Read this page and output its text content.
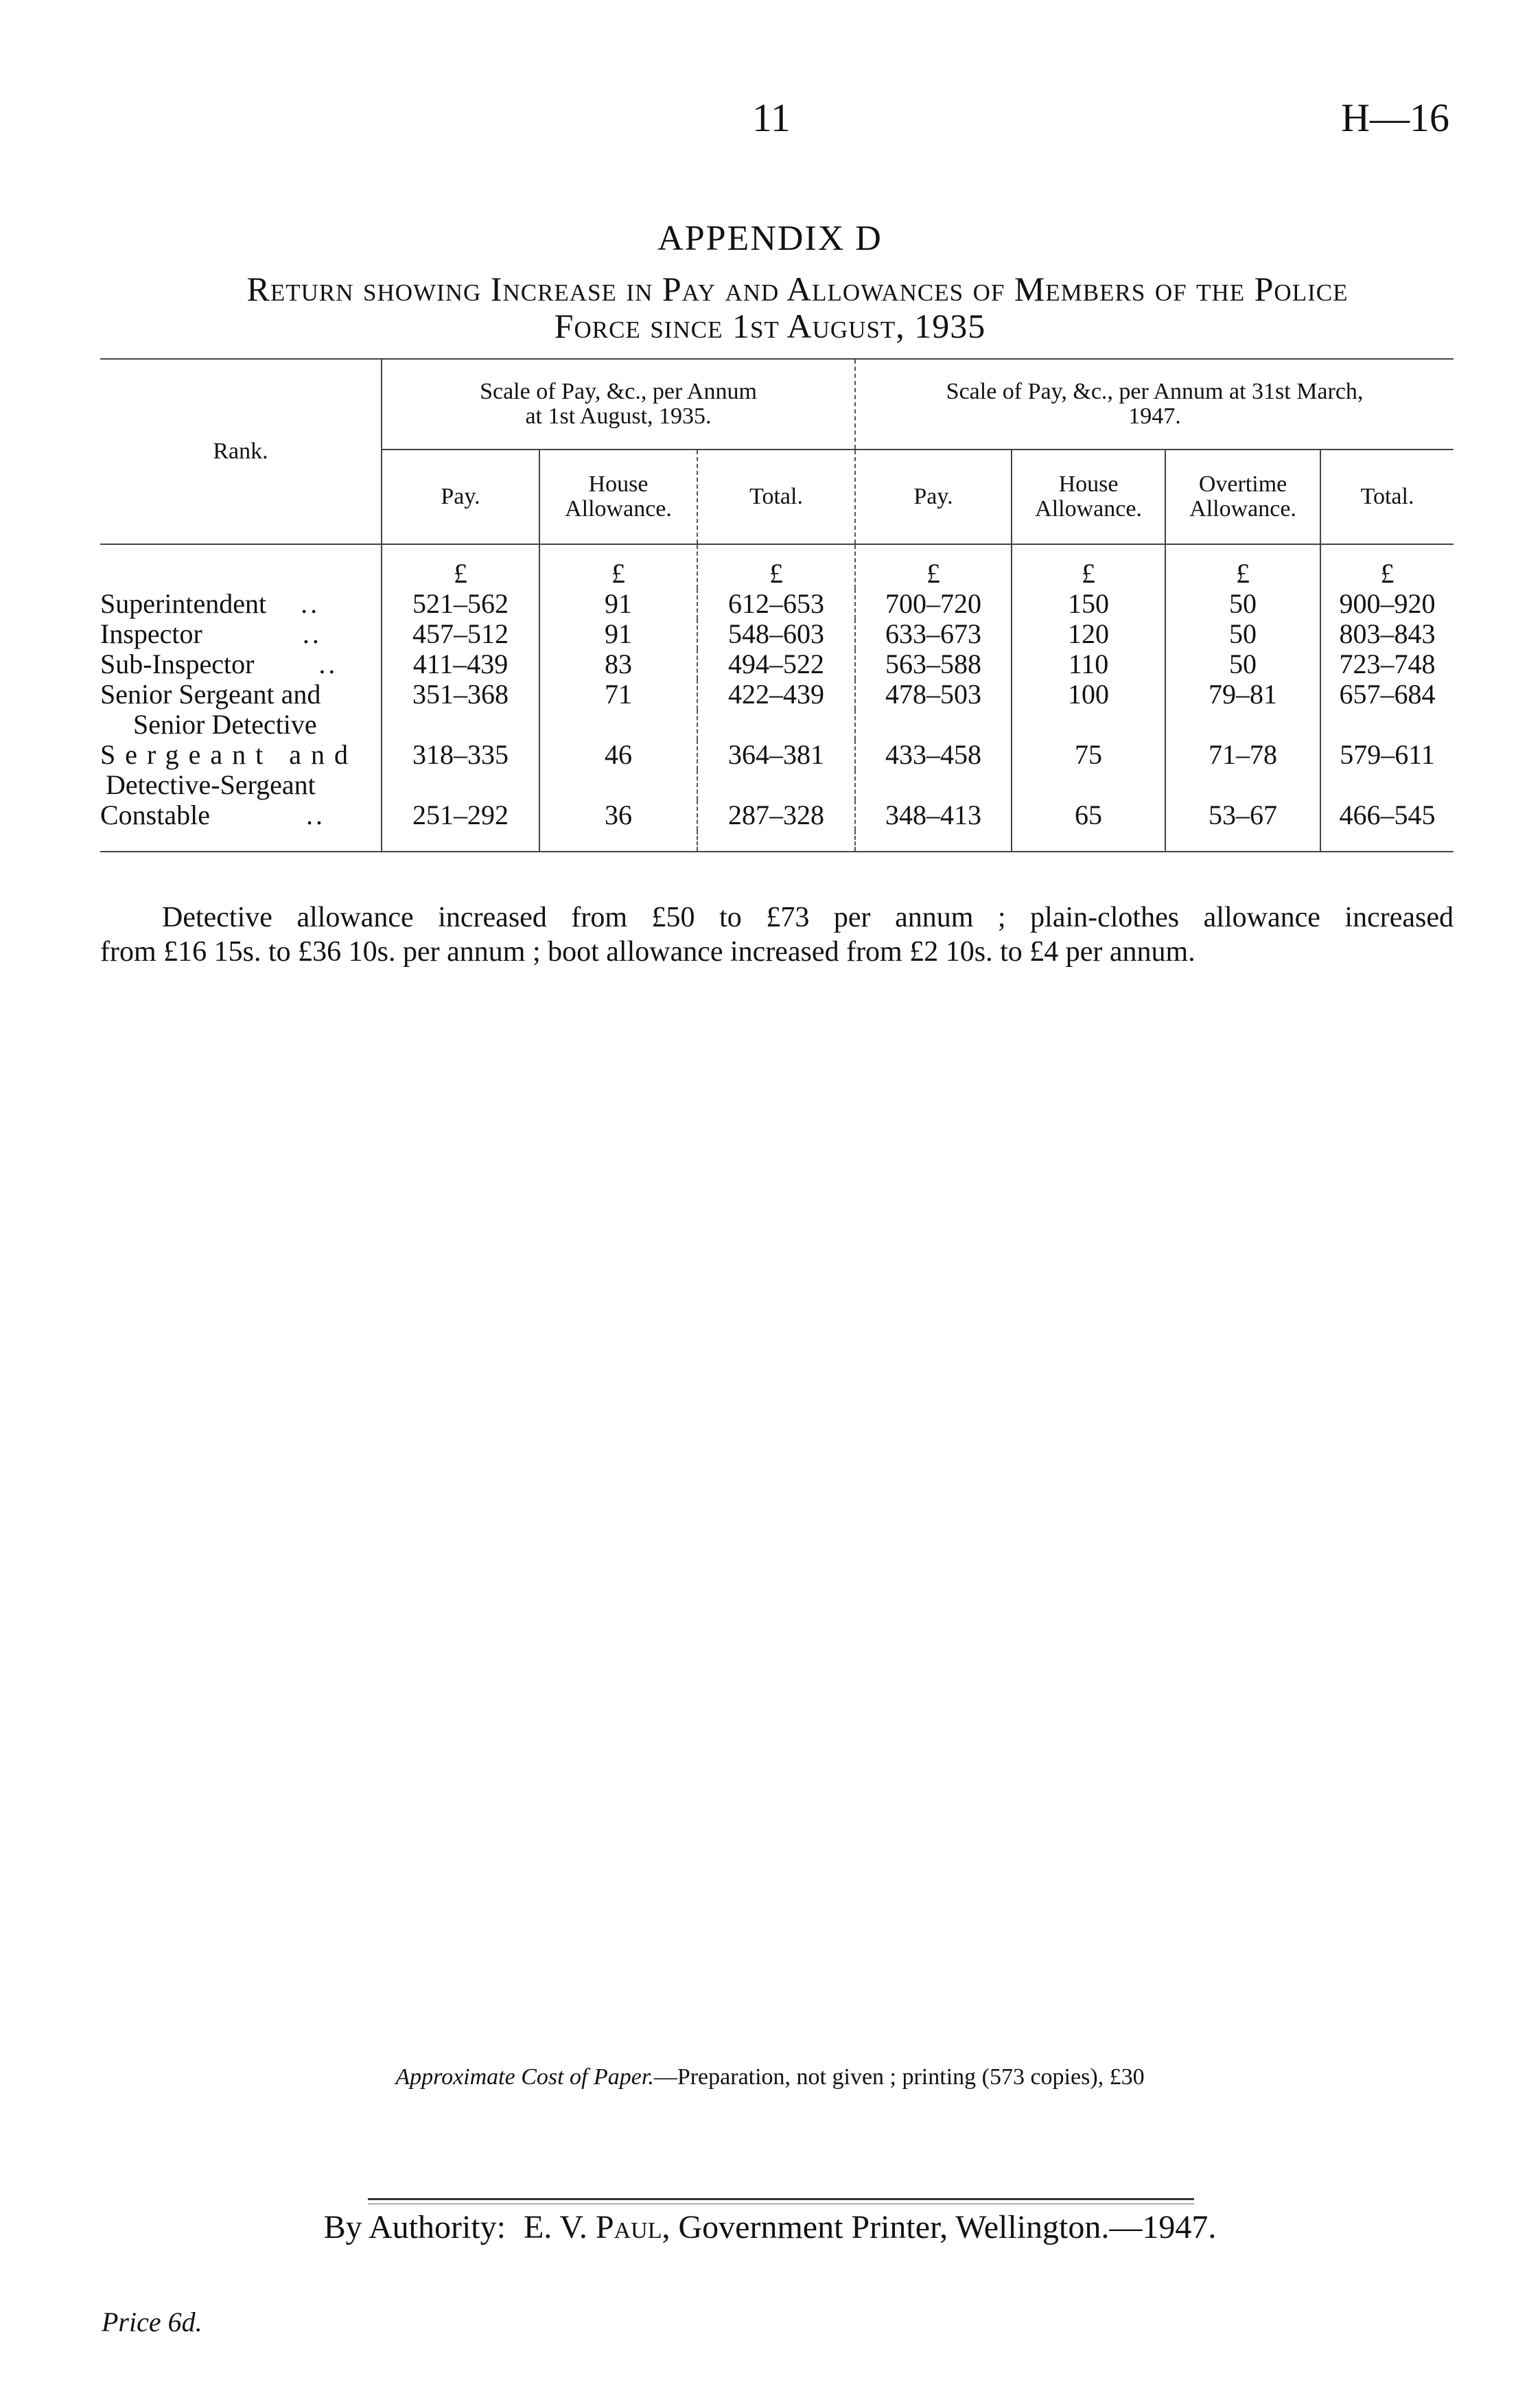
11	H—16
APPENDIX D
Return showing Increase in Pay and Allowances of Members of the Police
Force since 1st August, 1935
Rank.	Scale of Pay, &c., per Annum
at 1st August, 1935.			Scale of Pay, &c., per Annum at 31st March,
1947.			
	Pay.	House
Allowance.	Total.	Pay.	House
Allowance.	Overtime
Allowance.	Total.
	£	£	£	£	£	£	£
Superintendent ..	521–562	91	612–653	700–720	150	50	900–920
Inspector ..	457–512	91	548–603	633–673	120	50	803–843
Sub-Inspector ..	411–439	83	494–522	563–588	110	50	723–748
Senior Sergeant and	351–368	71	422–439	478–503	100	79–81	657–684
Senior Detective							
Sergeant and	318–335	46	364–381	433–458	75	71–78	579–611
Detective-Sergeant							
Constable ..	251–292	36	287–328	348–413	65	53–67	466–545

Detective allowance increased from £50 to £73 per annum ; plain-clothes allowance increased
from £16 15s. to £36 10s. per annum ; boot allowance increased from £2 10s. to £4 per annum.
Approximate Cost of Paper.—Preparation, not given ; printing (573 copies), £30
By Authority: E. V. Paul, Government Printer, Wellington.—1947.
Price 6d.
